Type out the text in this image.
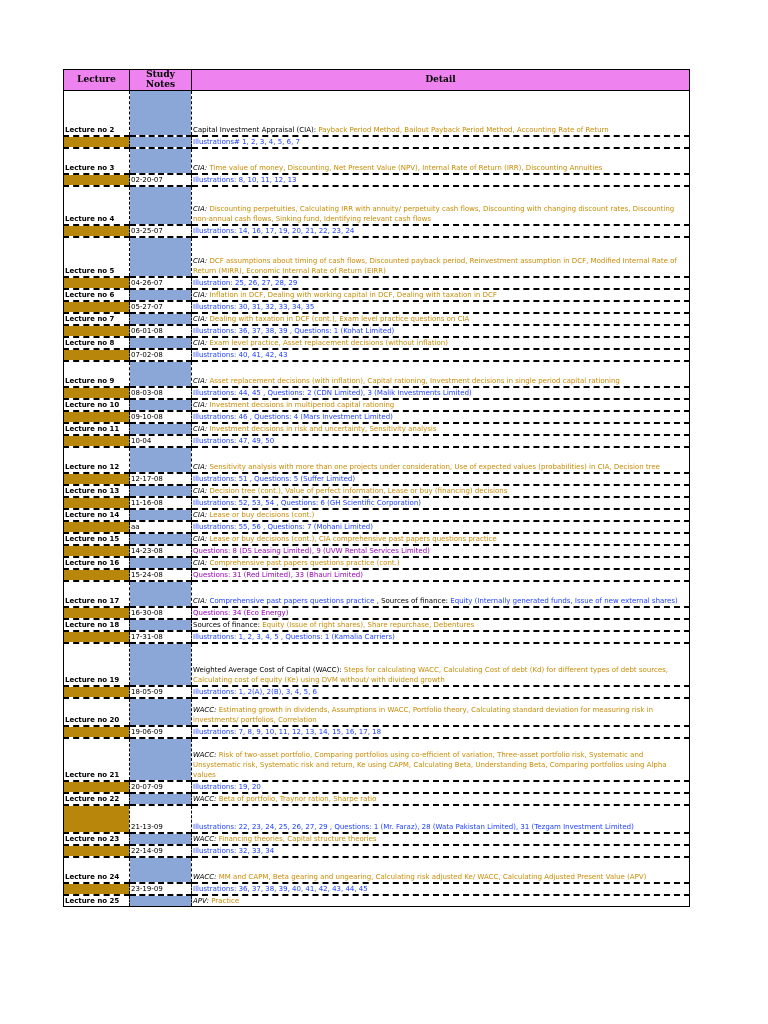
Lecture	Study Notes	Detail
Lecture no 2		Capital Investment Appraisal (CIA): Payback Period Method, Bailout Payback Period Method, Accounting Rate of Return
		Illustrations# 1, 2, 3, 4, 5, 6, 7
Lecture no 3		CIA: Time value of money, Discounting, Net Present Value (NPV), Internal Rate of Return (IRR), Discounting Annuities
	02-20-07	Illustrations: 8, 10, 11, 12, 13
Lecture no 4		CIA: Discounting perpetuities, Calculating IRR with annuity/ perpetuity cash flows, Discounting with changing discount rates, Discounting non-annual cash flows, Sinking fund, Identifying relevant cash flows
	03-25-07	Illustrations: 14, 16, 17, 19, 20, 21, 22, 23, 24
Lecture no 5		CIA: DCF assumptions about timing of cash flows, Discounted payback period, Reinvestment assumption in DCF, Modified Internal Rate of Return (MIRR), Economic Internal Rate of Return (EIRR)
	04-26-07	Illustration: 25, 26, 27, 28, 29
Lecture no 6		CIA: Inflation in DCF, Dealing with working capital in DCF, Dealing with taxation in DCF
	05-27-07	Illustrations: 30, 31, 32, 33, 34, 35
Lecture no 7		CIA: Dealing with taxation in DCF (cont.), Exam level practice questions on CIA
	06-01-08	Illustrations: 36, 37, 38, 39 , Questions: 1 (Kohat Limited)
Lecture no 8		CIA: Exam level practice, Asset replacement decisions (without inflation)
	07-02-08	Illustrations: 40, 41, 42, 43
Lecture no 9		CIA: Asset replacement decisions (with inflation), Capital rationing, Investment decisions in single period capital rationing
	08-03-08	Illustrations: 44, 45 , Questions: 2 (CDN Limited), 3 (Malik Investments Limited)
Lecture no 10		CIA: Investment decisions in multiperiod capital rationing
	09-10-08	Illustrations: 46 , Questions: 4 (Mars Investment Limited)
Lecture no 11		CIA: Investment decisions in risk and uncertainty, Sensitivity analysis
	10-04	Illustrations: 47, 49, 50
Lecture no 12		CIA: Sensitivity analysis with more than one projects under consideration, Use of expected values (probabilities) in CIA, Decision tree
	12-17-08	Illustrations: 51 , Questions: 5 (Suffer Limited)
Lecture no 13		CIA: Decision tree (cont.), Value of perfect information, Lease or buy (financing) decisions
	11-16-08	Illustrations: 52, 53, 54 , Questions: 6 (GH Scientific Corporation)
Lecture no 14		CIA: Lease or buy decisions (cont.)
	aa	Illustrations: 55, 56 , Questions: 7 (Mohani Limited)
Lecture no 15		CIA: Lease or buy decisions (cont.), CIA comprehensive past papers questions practice
	14-23-08	Questions: 8 (DS Leasing Limited), 9 (UVW Rental Services Limited)
Lecture no 16		CIA: Comprehensive past papers questions practice (cont.)
	15-24-08	Questions: 31 (Red Limited), 33 (Bhauri Limited)
Lecture no 17		CIA: Comprehensive past papers questions practice , Sources of finance: Equity (Internally generated funds, Issue of new external shares)
	16-30-08	Questions: 34 (Eco Energy)
Lecture no 18		Sources of finance: Equity (Issue of right shares), Share repurchase, Debentures
	17-31-08	Illustrations: 1, 2, 3, 4, 5 , Questions: 1 (Kamalia Carriers)
Lecture no 19		Weighted Average Cost of Capital (WACC): Steps for calculating WACC, Calculating Cost of debt (Kd) for different types of debt sources, Calculating cost of equity (Ke) using DVM without/ with dividend growth
	18-05-09	Illustrations: 1, 2(A), 2(B), 3, 4, 5, 6
Lecture no 20		WACC: Estimating growth in dividends, Assumptions in WACC, Portfolio theory, Calculating standard deviation for measuring risk in investments/ portfolios, Correlation
	19-06-09	Illustrations: 7, 8, 9, 10, 11, 12, 13, 14, 15, 16, 17, 18
Lecture no 21		WACC: Risk of two-asset portfolio, Comparing portfolios using co-efficient of variation, Three-asset portfolio risk, Systematic and Unsystematic risk, Systematic risk and return, Ke using CAPM, Calculating Beta, Understanding Beta, Comparing portfolios using Alpha values
	20-07-09	Illustrations: 19, 20
Lecture no 22		WACC: Beta of portfolio, Traynor ration, Sharpe ratio
	21-13-09	Illustrations: 22, 23, 24, 25, 26, 27, 29 , Questions: 1 (Mr. Faraz), 28 (Wata Pakistan Limited), 31 (Tezgam Investment Limited)
Lecture no 23		WACC: Financing theories, Capital structure theories
	22-14-09	Illustrations: 32, 33, 34
Lecture no 24		WACC: MM and CAPM, Beta gearing and ungearing, Calculating risk adjusted Ke/ WACC, Calculating Adjusted Present Value (APV)
	23-19-09	Illustrations: 36, 37, 38, 39, 40, 41, 42, 43, 44, 45
Lecture no 25		APV: Practice
